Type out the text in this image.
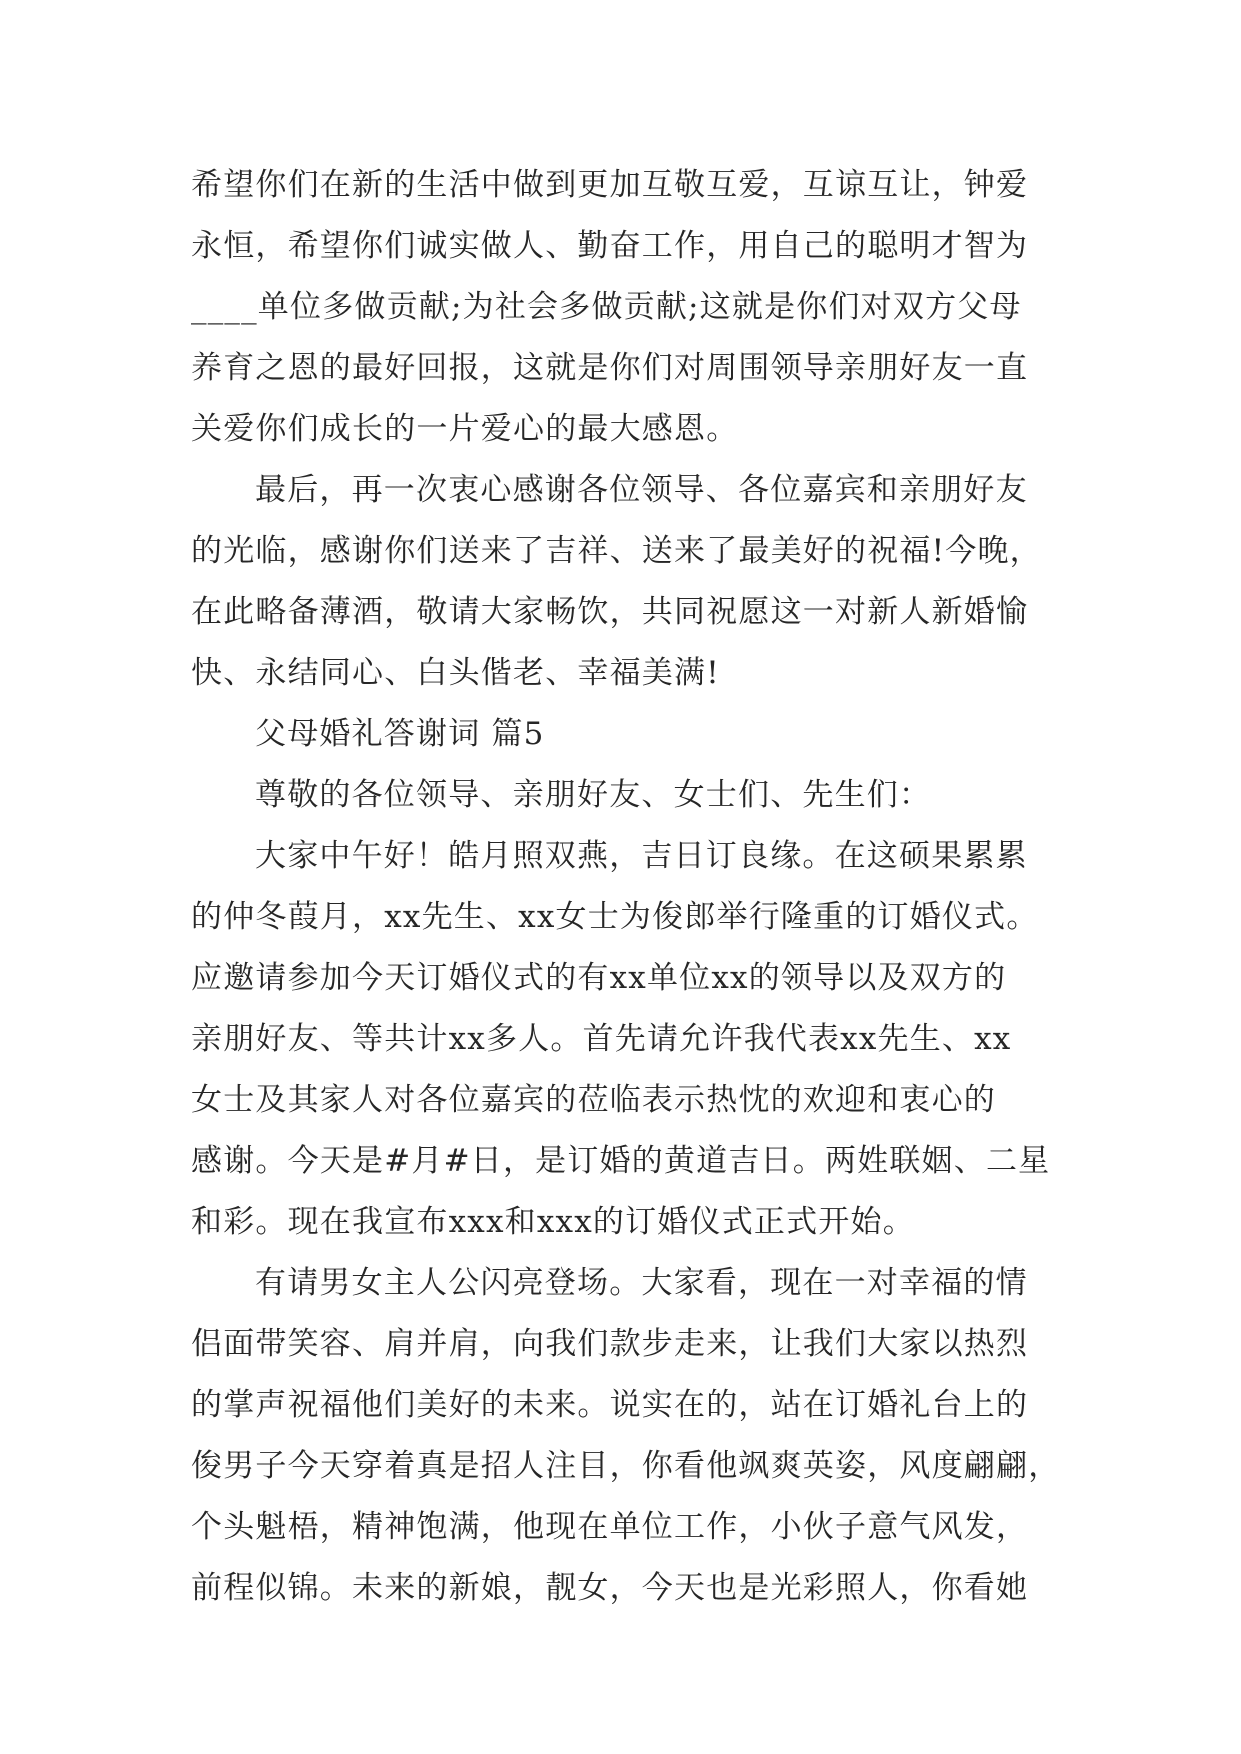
希望你们在新的生活中做到更加互敬互爱，互谅互让，钟爱
永恒，希望你们诚实做人、勤奋工作，用自己的聪明才智为
____单位多做贡献;为社会多做贡献;这就是你们对双方父母
养育之恩的最好回报，这就是你们对周围领导亲朋好友一直
关爱你们成长的一片爱心的最大感恩。
最后，再一次衷心感谢各位领导、各位嘉宾和亲朋好友
的光临，感谢你们送来了吉祥、送来了最美好的祝福!今晚，
在此略备薄酒，敬请大家畅饮，共同祝愿这一对新人新婚愉
快、永结同心、白头偕老、幸福美满!
父母婚礼答谢词 篇5
尊敬的各位领导、亲朋好友、女士们、先生们：
大家中午好！皓月照双燕，吉日订良缘。在这硕果累累
的仲冬葭月，xx先生、xx女士为俊郎举行隆重的订婚仪式。
应邀请参加今天订婚仪式的有xx单位xx的领导以及双方的
亲朋好友、等共计xx多人。首先请允许我代表xx先生、xx
女士及其家人对各位嘉宾的莅临表示热忱的欢迎和衷心的
感谢。今天是#月#日，是订婚的黄道吉日。两姓联姻、二星
和彩。现在我宣布xxx和xxx的订婚仪式正式开始。
有请男女主人公闪亮登场。大家看，现在一对幸福的情
侣面带笑容、肩并肩，向我们款步走来，让我们大家以热烈
的掌声祝福他们美好的未来。说实在的，站在订婚礼台上的
俊男子今天穿着真是招人注目，你看他飒爽英姿，风度翩翩，
个头魁梧，精神饱满，他现在单位工作，小伙子意气风发，
前程似锦。未来的新娘，靓女，今天也是光彩照人，你看她
